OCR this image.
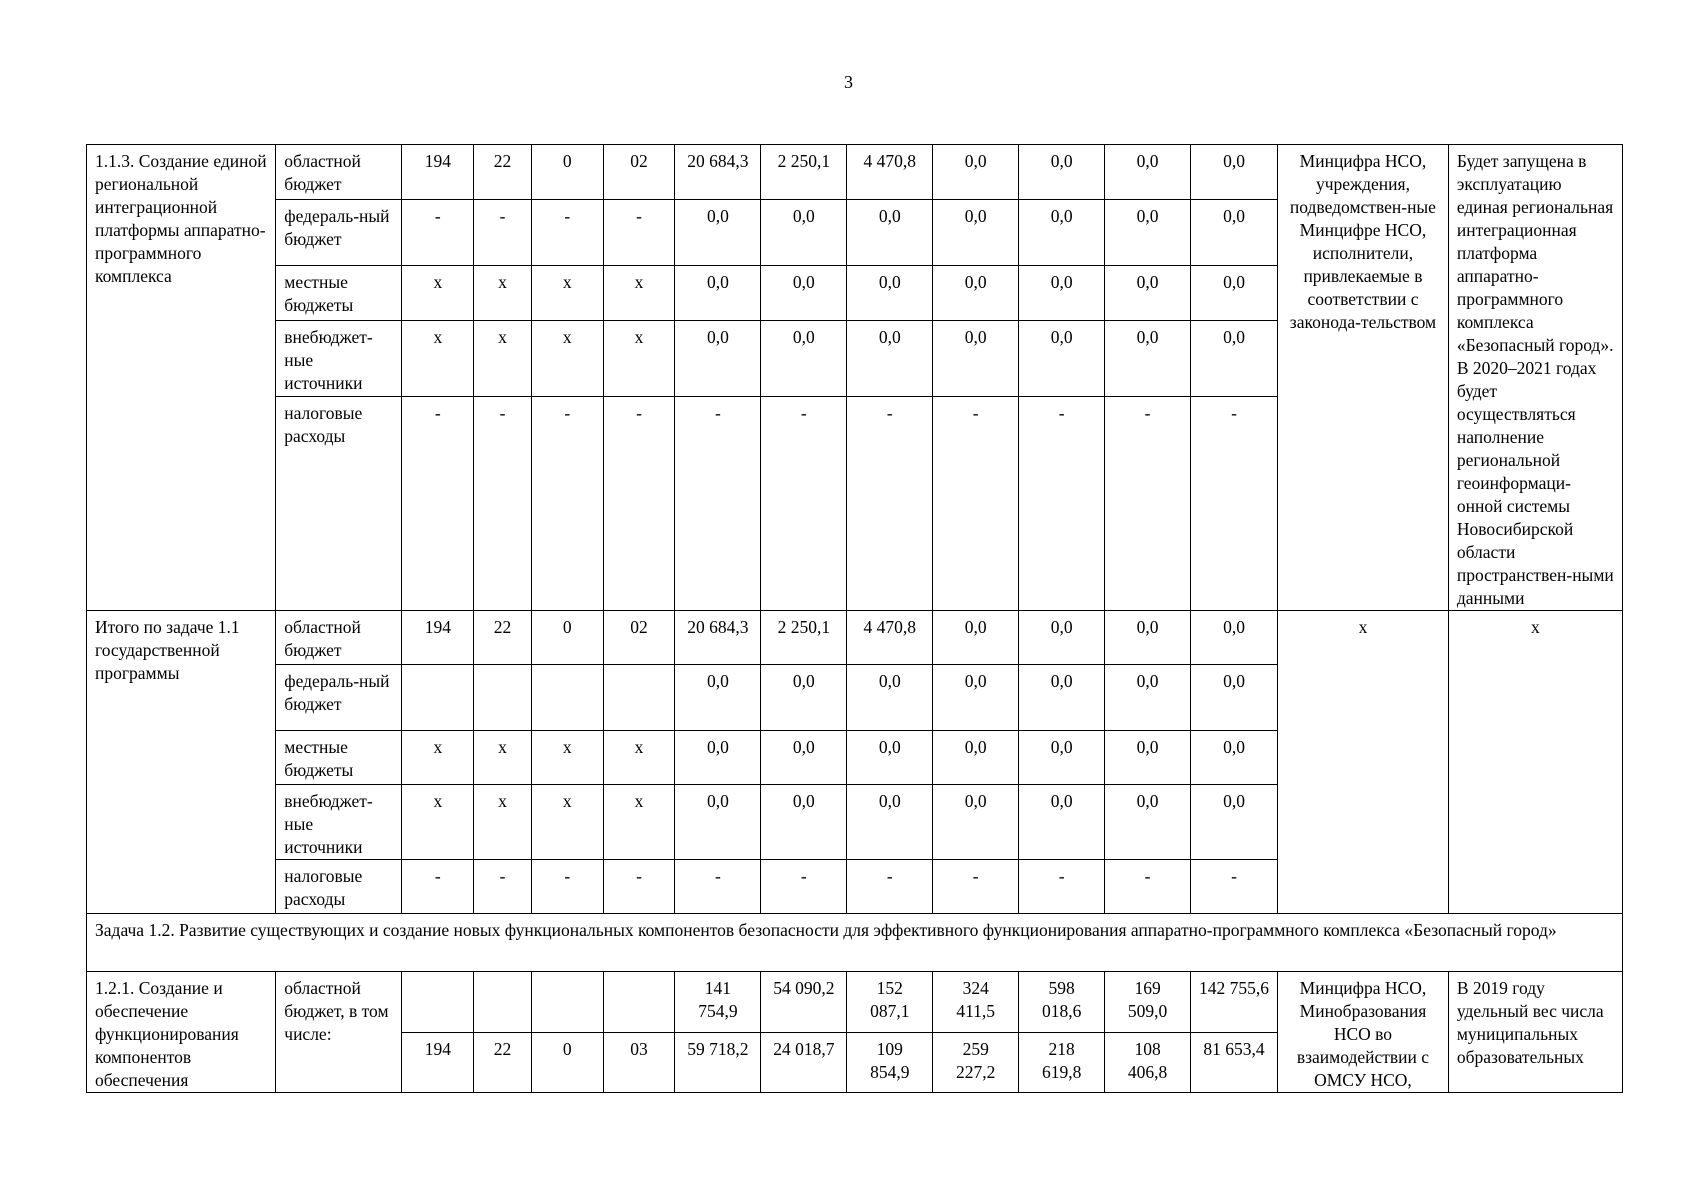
3
1.1.3. Создание единой региональной интеграционной платформы аппаратно-программного комплекса	областной бюджет	194	22	0	02	20 684,3	2 250,1	4 470,8	0,0	0,0	0,0	0,0	Минцифра НСО, учреждения, подведомствен-ные Минцифре НСО, исполнители, привлекаемые в соответствии с законода-тельством	Будет запущена в эксплуатацию единая региональная интеграционная платформа аппаратно-программного комплекса «Безопасный город». В 2020–2021 годах будет осуществляться наполнение региональной геоинформаци-онной системы Новосибирской области пространствен-ными данными
	федераль-ный бюджет	-	-	-	-	0,0	0,0	0,0	0,0	0,0	0,0	0,0		
	местные бюджеты	х	х	х	х	0,0	0,0	0,0	0,0	0,0	0,0	0,0		
	внебюджет-ные источники	х	х	х	х	0,0	0,0	0,0	0,0	0,0	0,0	0,0		
	налоговые расходы	-	-	-	-	-	-	-	-	-	-	-		
Итого по задаче 1.1 государственной программы	областной бюджет	194	22	0	02	20 684,3	2 250,1	4 470,8	0,0	0,0	0,0	0,0	х	х
	федераль-ный бюджет					0,0	0,0	0,0	0,0	0,0	0,0	0,0		
	местные бюджеты	х	х	х	х	0,0	0,0	0,0	0,0	0,0	0,0	0,0		
	внебюджет-ные источники	х	х	х	х	0,0	0,0	0,0	0,0	0,0	0,0	0,0		
	налоговые расходы	-	-	-	-	-	-	-	-	-	-	-		
Задача 1.2. Развитие существующих и создание новых функциональных компонентов безопасности для эффективного функционирования аппаратно-программного комплекса «Безопасный город»														
1.2.1. Создание и обеспечение функционирования компонентов обеспечения	областной бюджет, в том числе:					141 754,9	54 090,2	152 087,1	324 411,5	598 018,6	169 509,0	142 755,6	Минцифра НСО, Минобразования НСО во взаимодействии с ОМСУ НСО,	В 2019 году удельный вес числа муниципальных образовательных
		194	22	0	03	59 718,2	24 018,7	109 854,9	259 227,2	218 619,8	108 406,8	81 653,4		
